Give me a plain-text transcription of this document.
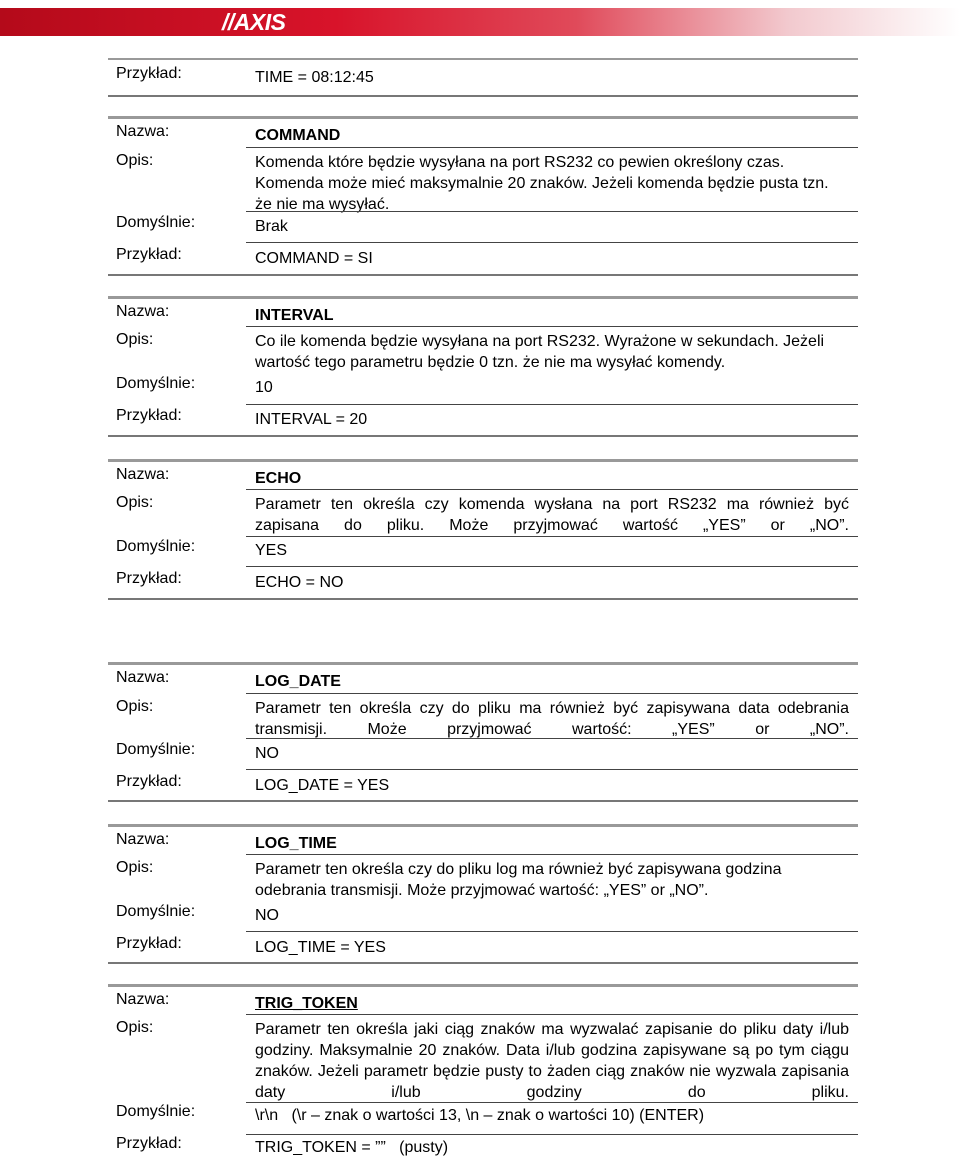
//AXIS
Przykład:	TIME = 08:12:45
Nazwa:	COMMAND
Opis:	Komenda które będzie wysyłana na port RS232 co pewien określony czas. Komenda może mieć maksymalnie 20 znaków. Jeżeli komenda będzie pusta tzn. że nie ma wysyłać.
Domyślnie:	Brak
Przykład:	COMMAND = SI
Nazwa:	INTERVAL
Opis:	Co ile komenda będzie wysyłana na port RS232. Wyrażone w sekundach. Jeżeli wartość tego parametru będzie 0 tzn. że nie ma wysyłać komendy.
Domyślnie:	10
Przykład:	INTERVAL = 20
Nazwa:	ECHO
Opis:	Parametr ten określa czy komenda wysłana na port RS232 ma również być zapisana do pliku. Może przyjmować wartość „YES” or „NO”.
Domyślnie:	YES
Przykład:	ECHO = NO
Nazwa:	LOG_DATE
Opis:	Parametr ten określa czy do pliku ma również być zapisywana data odebrania transmisji. Może przyjmować wartość: „YES” or „NO”.
Domyślnie:	NO
Przykład:	LOG_DATE = YES
Nazwa:	LOG_TIME
Opis:	Parametr ten określa czy do pliku log ma również być zapisywana godzina odebrania transmisji. Może przyjmować wartość: „YES” or „NO”.
Domyślnie:	NO
Przykład:	LOG_TIME = YES
Nazwa:	TRIG_TOKEN
Opis:	Parametr ten określa jaki ciąg znaków ma wyzwalać zapisanie do pliku daty i/lub godziny. Maksymalnie 20 znaków. Data i/lub godzina zapisywane są po tym ciągu znaków. Jeżeli parametr będzie pusty to żaden ciąg znaków nie wyzwala zapisania daty i/lub godziny do pliku.
Domyślnie:	\r\n   (\r – znak o wartości 13, \n – znak o wartości 10) (ENTER)
Przykład:	TRIG_TOKEN = ””   (pusty)
